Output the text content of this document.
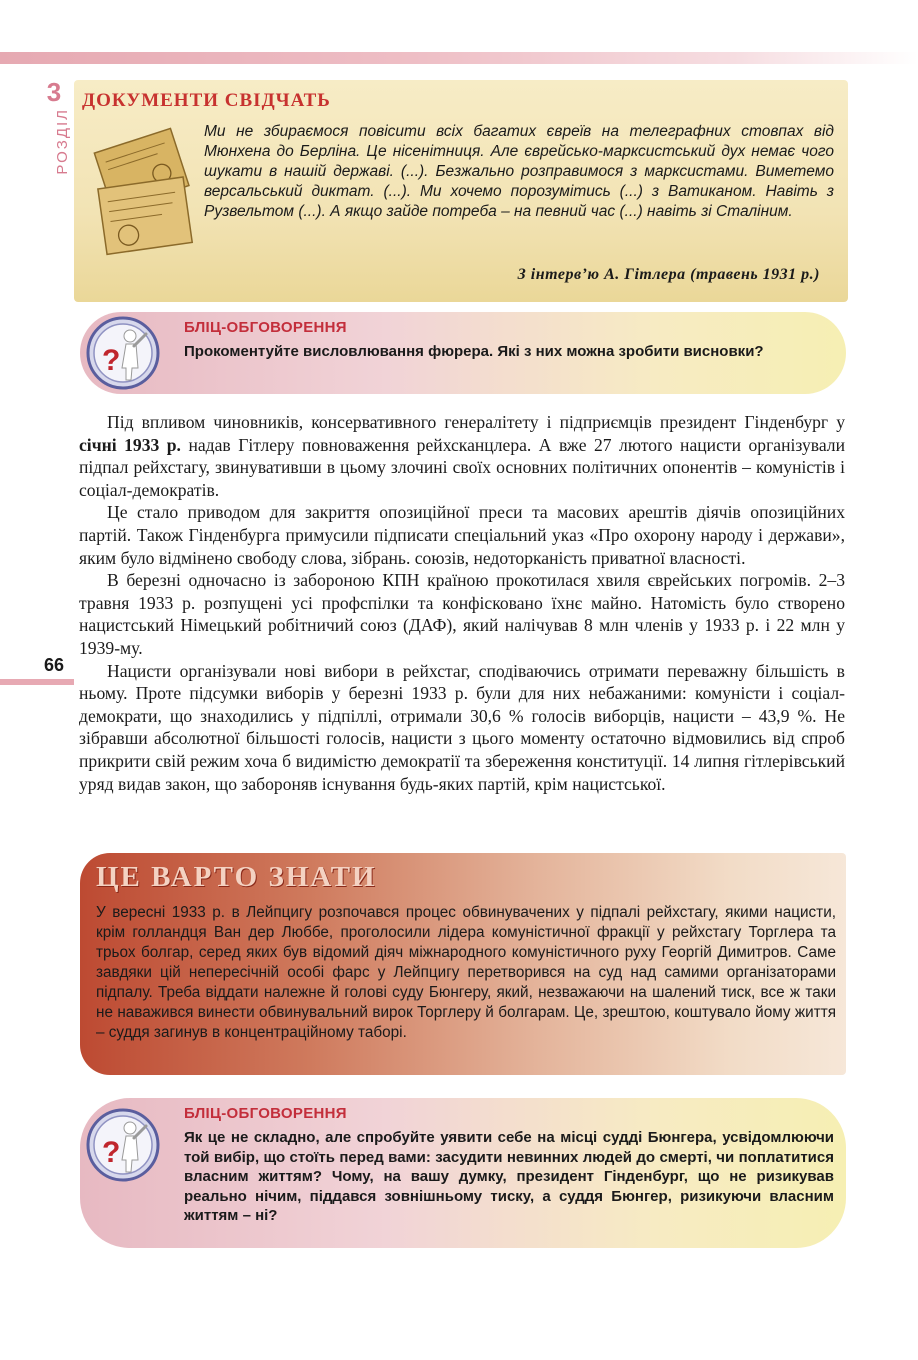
3
РОЗДІЛ
ДОКУМЕНТИ СВІДЧАТЬ

Ми не збираємося повісити всіх багатих євреїв на телеграфних стовпах від Мюнхена до Берліна. Це нісенітниця. Але єврейсько-марксистський дух немає чого шукати в нашій державі. (...). Безжально розправимося з марксистами. Виметемо версальський диктат. (...). Ми хочемо порозумітись (...) з Ватиканом. Навіть з Рузвельтом (...). А якщо зайде потреба – на певний час (...) навіть зі Сталіним.

З інтерв’ю А. Гітлера (травень 1931 р.)
?
БЛІЦ-ОБГОВОРЕННЯ

Прокоментуйте висловлювання фюрера. Які з них можна зробити висновки?

Під впливом чиновників, консервативного генералітету і підприємців президент Гінденбург у січні 1933 р. надав Гітлеру повноваження рейхсканцлера. А вже 27 лютого нацисти організували підпал рейхстагу, звинувативши в цьому злочині своїх основних політичних опонентів – комуністів і соціал-демократів.

Це стало приводом для закриття опозиційної преси та масових арештів діячів опозиційних партій. Також Гінденбурга примусили підписати спеціальний указ «Про охорону народу і держави», яким було відмінено свободу слова, зібрань. союзів, недоторканість приватної власності.

В березні одночасно із забороною КПН країною прокотилася хвиля єврейських погромів. 2–3 травня 1933 р. розпущені усі профспілки та конфісковано їхнє майно. Натомість було створено нацистський Німецький робітничий союз (ДАФ), який налічував 8 млн членів у 1933 р. і 22 млн у 1939-му.

Нацисти організували нові вибори в рейхстаг, сподіваючись отримати переважну більшість в ньому. Проте підсумки виборів у березні 1933 р. були для них небажаними: комуністи і соціал-демократи, що знаходились у підпіллі, отримали 30,6 % голосів виборців, нацисти – 43,9 %. Не зібравши абсолютної більшості голосів, нацисти з цього моменту остаточно відмовились від спроб прикрити свій режим хоча б видимістю демократії та збереження конституції. 14 липня гітлерівський уряд видав закон, що забороняв існування будь-яких партій, крім нацистської.

66
ЦЕ ВАРТО ЗНАТИ

У вересні 1933 р. в Лейпцигу розпочався процес обвинувачених у підпалі рейхстагу, якими нацисти, крім голландця Ван дер Люббе, проголосили лідера комуністичної фракції у рейхстагу Торглера та трьох болгар, серед яких був відомий діяч міжнародного комуністичного руху Георгій Димитров. Саме завдяки цій непересічній особі фарс у Лейпцигу перетворився на суд над самими організаторами підпалу. Треба віддати належне й голові суду Бюнгеру, який, незважаючи на шалений тиск, все ж таки не наважився винести обвинувальний вирок Торглеру й болгарам. Це, зрештою, коштувало йому життя – суддя загинув в концентраційному таборі.

?
БЛІЦ-ОБГОВОРЕННЯ

Як це не складно, але спробуйте уявити себе на місці судді Бюнгера, усвідомлюючи той вибір, що стоїть перед вами: засудити невинних людей до смерті, чи поплатитися власним життям? Чому, на вашу думку, президент Гінденбург, що не ризикував реально нічим, піддався зовнішньому тиску, а суддя Бюнгер, ризикуючи власним життям – ні?
